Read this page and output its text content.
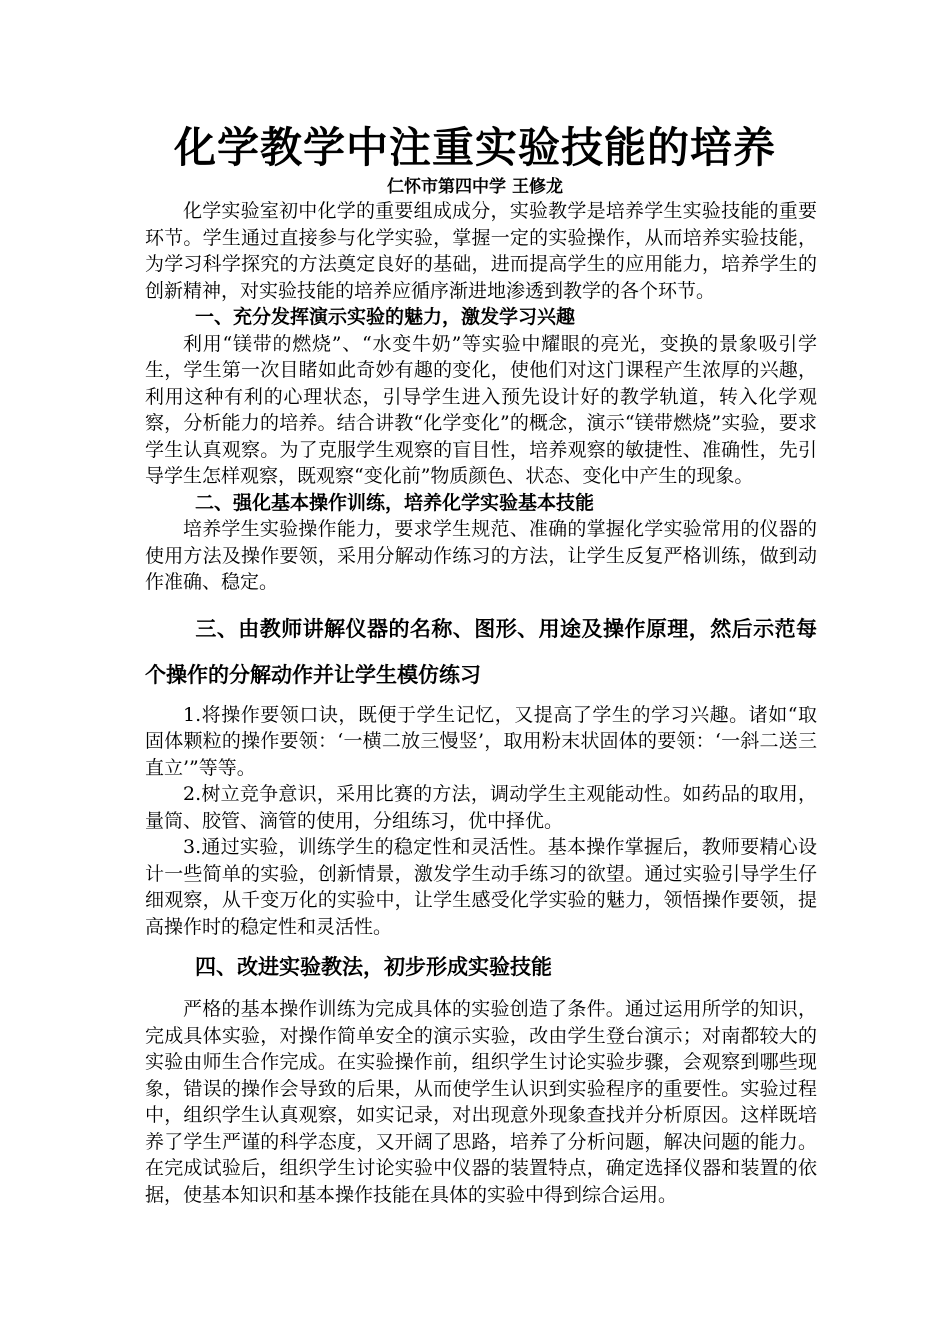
化学教学中注重实验技能的培养

仁怀市第四中学 王修龙

化学实验室初中化学的重要组成成分，实验教学是培养学生实验技能的重要环节。学生通过直接参与化学实验，掌握一定的实验操作，从而培养实验技能，为学习科学探究的方法奠定良好的基础，进而提高学生的应用能力，培养学生的创新精神，对实验技能的培养应循序渐进地渗透到教学的各个环节。

一、充分发挥演示实验的魅力，激发学习兴趣

利用“镁带的燃烧”、“水变牛奶”等实验中耀眼的亮光，变换的景象吸引学生，学生第一次目睹如此奇妙有趣的变化，使他们对这门课程产生浓厚的兴趣，利用这种有利的心理状态，引导学生进入预先设计好的教学轨道，转入化学观察，分析能力的培养。结合讲教“化学变化”的概念，演示“镁带燃烧”实验，要求学生认真观察。为了克服学生观察的盲目性，培养观察的敏捷性、准确性，先引导学生怎样观察，既观察“变化前”物质颜色、状态、变化中产生的现象。

二、强化基本操作训练，培养化学实验基本技能

培养学生实验操作能力，要求学生规范、准确的掌握化学实验常用的仪器的使用方法及操作要领，采用分解动作练习的方法，让学生反复严格训练，做到动作准确、稳定。

三、由教师讲解仪器的名称、图形、用途及操作原理，然后示范每个操作的分解动作并让学生模仿练习

1.将操作要领口诀，既便于学生记忆，又提高了学生的学习兴趣。诸如“取固体颗粒的操作要领：‘一横二放三慢竖’，取用粉末状固体的要领：‘一斜二送三直立’”等等。

2.树立竞争意识，采用比赛的方法，调动学生主观能动性。如药品的取用，量筒、胶管、滴管的使用，分组练习，优中择优。

3.通过实验，训练学生的稳定性和灵活性。基本操作掌握后，教师要精心设计一些简单的实验，创新情景，激发学生动手练习的欲望。通过实验引导学生仔细观察，从千变万化的实验中，让学生感受化学实验的魅力，领悟操作要领，提高操作时的稳定性和灵活性。

四、改进实验教法，初步形成实验技能

严格的基本操作训练为完成具体的实验创造了条件。通过运用所学的知识，完成具体实验，对操作简单安全的演示实验，改由学生登台演示；对南都较大的实验由师生合作完成。在实验操作前，组织学生讨论实验步骤，会观察到哪些现象，错误的操作会导致的后果，从而使学生认识到实验程序的重要性。实验过程中，组织学生认真观察，如实记录，对出现意外现象查找并分析原因。这样既培养了学生严谨的科学态度，又开阔了思路，培养了分析问题，解决问题的能力。在完成试验后，组织学生讨论实验中仪器的装置特点，确定选择仪器和装置的依据，使基本知识和基本操作技能在具体的实验中得到综合运用。
